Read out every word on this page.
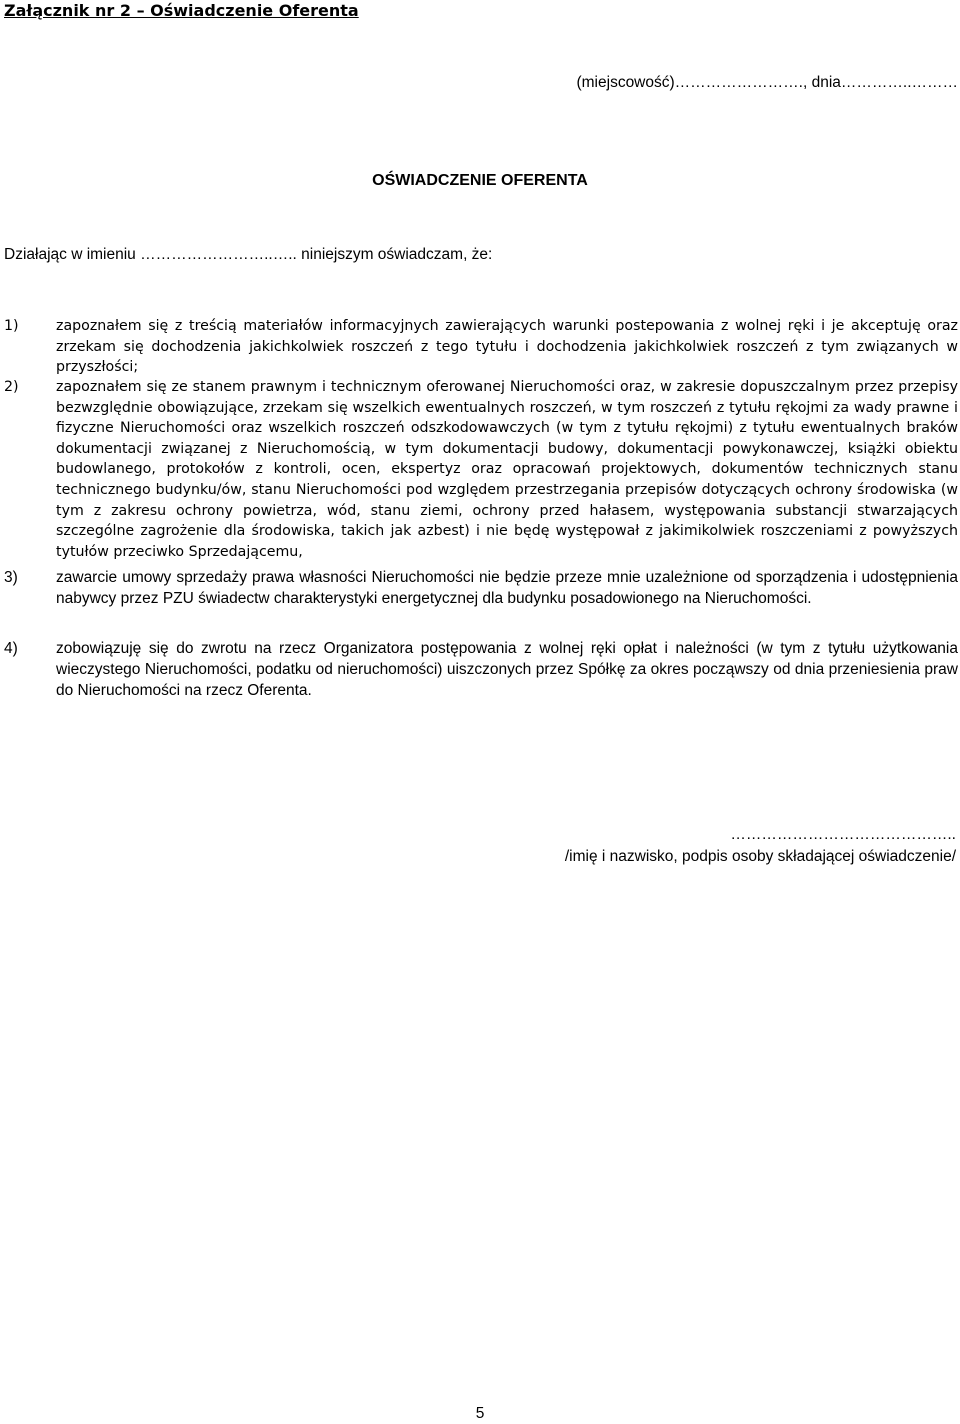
Załącznik nr 2 – Oświadczenie Oferenta
(miejscowość)……………………., dnia…………..………
OŚWIADCZENIE OFERENTA
Działając w imieniu ……………………..….. niniejszym oświadczam, że:
1)	zapoznałem się z treścią materiałów informacyjnych zawierających warunki postepowania z wolnej ręki i je akceptuję oraz zrzekam się dochodzenia jakichkolwiek roszczeń z tego tytułu i dochodzenia jakichkolwiek roszczeń z tym związanych w przyszłości;
2)	zapoznałem się ze stanem prawnym i technicznym oferowanej Nieruchomości oraz, w zakresie dopuszczalnym przez przepisy bezwzględnie obowiązujące, zrzekam się wszelkich ewentualnych roszczeń, w tym roszczeń z tytułu rękojmi za wady prawne i fizyczne Nieruchomości oraz wszelkich roszczeń odszkodowawczych (w tym z tytułu rękojmi) z tytułu ewentualnych braków dokumentacji związanej z Nieruchomością, w tym dokumentacji budowy, dokumentacji powykonawczej, książki obiektu budowlanego, protokołów z kontroli, ocen, ekspertyz oraz opracowań projektowych, dokumentów technicznych stanu technicznego budynku/ów, stanu Nieruchomości pod względem przestrzegania przepisów dotyczących ochrony środowiska (w tym z zakresu ochrony powietrza, wód, stanu ziemi, ochrony przed hałasem, występowania substancji stwarzających szczególne zagrożenie dla środowiska, takich jak azbest) i nie będę występował z jakimikolwiek roszczeniami z powyższych tytułów przeciwko Sprzedającemu,
3)	zawarcie umowy sprzedaży prawa własności Nieruchomości nie będzie przeze mnie uzależnione od sporządzenia i udostępnienia nabywcy przez PZU świadectw charakterystyki energetycznej dla budynku posadowionego na Nieruchomości.
4)	zobowiązuję się do zwrotu na rzecz Organizatora postępowania z wolnej ręki opłat i należności (w tym z tytułu użytkowania wieczystego Nieruchomości, podatku od nieruchomości) uiszczonych przez Spółkę za okres począwszy od dnia przeniesienia praw do Nieruchomości na rzecz Oferenta.
……………………………………..
/imię i nazwisko, podpis osoby składającej oświadczenie/
5
